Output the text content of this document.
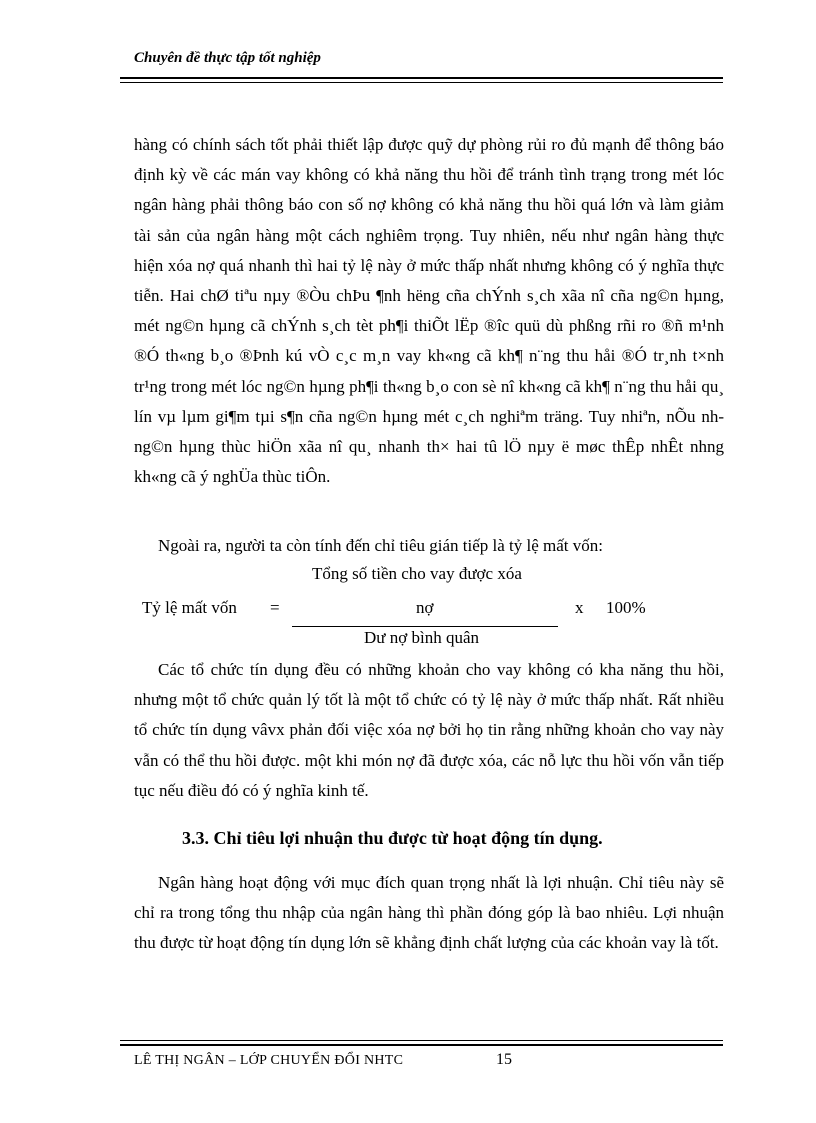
Chuyên đề thực tập tốt nghiệp

hàng có chính sách tốt phải thiết lập được quỹ dự phòng rủi ro đủ mạnh để thông báo định kỳ về các mán vay không có khả năng thu hồi để tránh tình trạng trong mét lóc ngân hàng phải thông báo con số nợ không có khả năng thu hồi quá lớn và làm giảm tài sản của ngân hàng một cách nghiêm trọng. Tuy nhiên, nếu như ngân hàng thực hiện xóa nợ quá nhanh thì hai tỷ lệ này ở mức thấp nhất nhưng không có ý nghĩa thực tiễn. Hai chØ tiªu nµy ®Òu chÞu ¶nh hëng cña chÝnh s¸ch xãa nî cña ng©n hµng, mét ng©n hµng cã chÝnh s¸ch tèt ph¶i thiÕt lËp ®îc quü dù phßng rñi ro ®ñ m¹nh ®Ó th«ng b¸o ®Þnh kú vÒ c¸c m¸n vay kh«ng cã kh¶ n¨ng thu håi ®Ó tr¸nh t×nh tr¹ng trong mét lóc ng©n hµng ph¶i th«ng b¸o con sè nî kh«ng cã kh¶ n¨ng thu håi qu¸ lín vµ lµm gi¶m tµi s¶n cña ng©n hµng mét c¸ch nghiªm träng. Tuy nhiªn, nÕu nh ng©n hµng thùc hiÖn xãa nî qu¸ nhanh th× hai tû lÖ nµy ë møc thÊp nhÊt nhng kh«ng cã ý nghÜa thùc tiÔn.

Ngoài ra, người ta còn tính đến chỉ tiêu gián tiếp là tỷ lệ mất vốn:

Tổng số tiền cho vay được xóa
Tỷ lệ mất vốn =	nợ	x 100%
Dư nợ bình quân

Các tổ chức tín dụng đều có những khoản cho vay không có kha năng thu hồi, nhưng một tổ chức quản lý tốt là một tổ chức có tỷ lệ này ở mức thấp nhất. Rất nhiều tổ chức tín dụng vâvx phản đối việc xóa nợ bởi họ tin rằng những khoản cho vay này vẫn có thể thu hồi được. một khi món nợ đã được xóa, các nỗ lực thu hồi vốn vẫn tiếp tục nếu điều đó có ý nghĩa kinh tế.

3.3. Chỉ tiêu lợi nhuận thu được từ hoạt động tín dụng.

Ngân hàng hoạt động với mục đích quan trọng nhất là lợi nhuận. Chỉ tiêu này sẽ chỉ ra trong tổng thu nhập của ngân hàng thì phần đóng góp là bao nhiêu. Lợi nhuận thu được từ hoạt động tín dụng lớn sẽ khẳng định chất lượng của các khoản vay là tốt.

LÊ THỊ NGÂN – LỚP CHUYỂN ĐỔI NHTC	15
